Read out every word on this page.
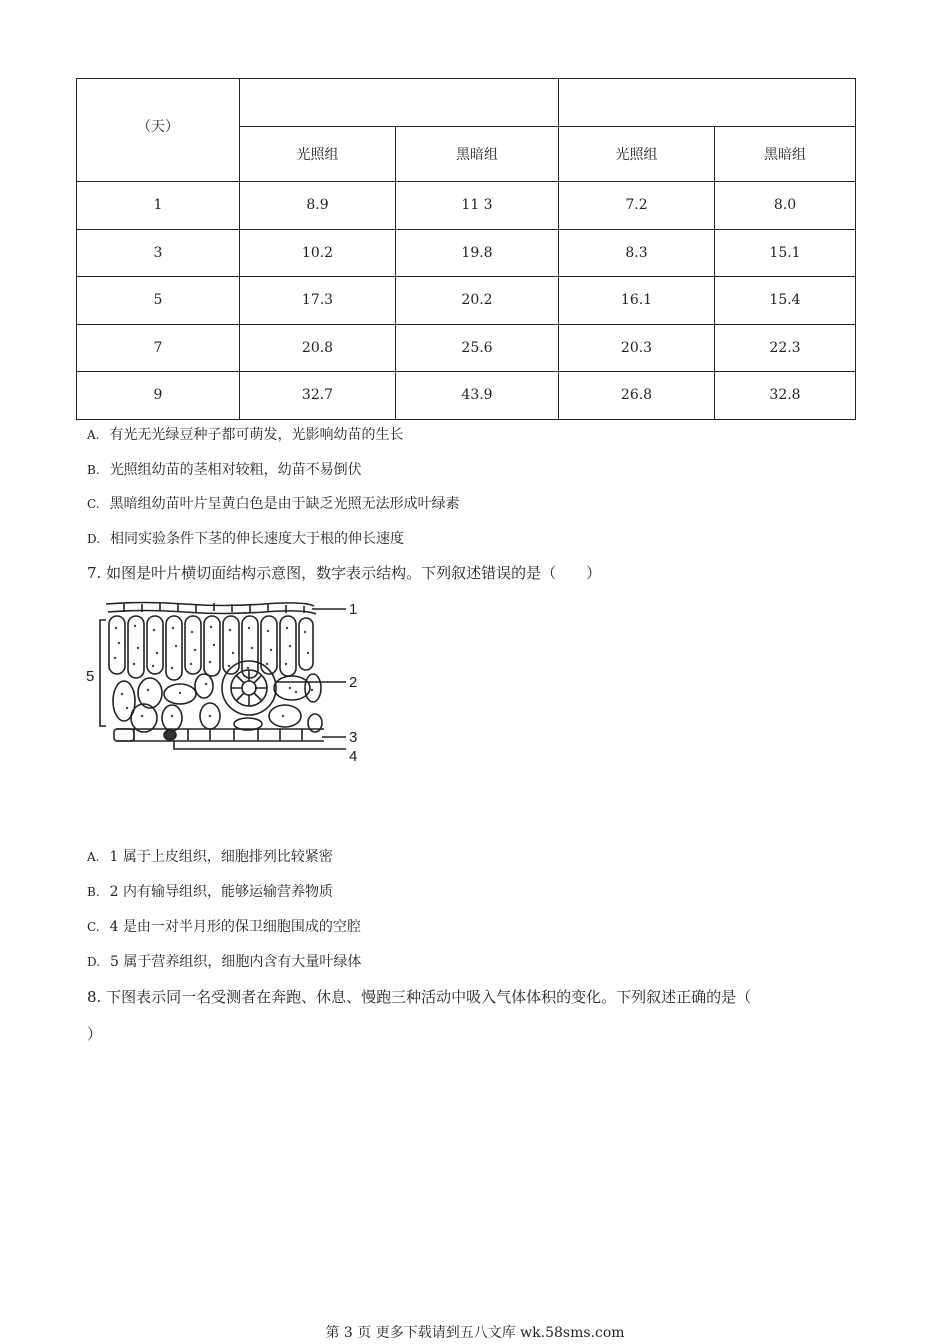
（天）				
	光照组	黑暗组	光照组	黑暗组
1	8.9	11 3	7.2	8.0
3	10.2	19.8	8.3	15.1
5	17.3	20.2	16.1	15.4
7	20.8	25.6	20.3	22.3
9	32.7	43.9	26.8	32.8
A. 有光无光绿豆种子都可萌发，光影响幼苗的生长
B. 光照组幼苗的茎相对较粗，幼苗不易倒伏
C. 黑暗组幼苗叶片呈黄白色是由于缺乏光照无法形成叶绿素
D. 相同实验条件下茎的伸长速度大于根的伸长速度
7. 如图是叶片横切面结构示意图，数字表示结构。下列叙述错误的是（　　）
1
2
3
4
5
A. 1 属于上皮组织，细胞排列比较紧密
B. 2 内有输导组织，能够运输营养物质
C. 4 是由一对半月形的保卫细胞围成的空腔
D. 5 属于营养组织，细胞内含有大量叶绿体
8. 下图表示同一名受测者在奔跑、休息、慢跑三种活动中吸入气体体积的变化。下列叙述正确的是（
）
第 3 页 更多下载请到五八文库 wk.58sms.com
